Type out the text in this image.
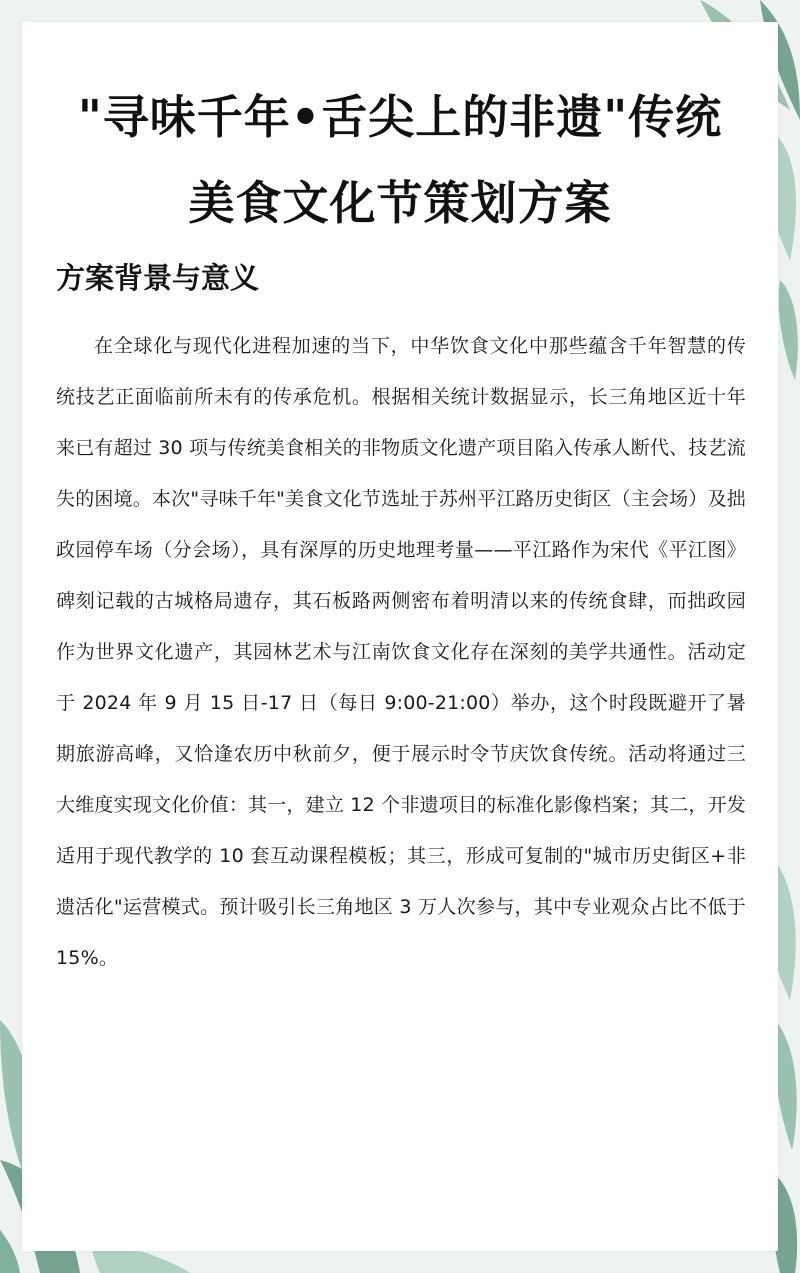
"寻味千年•舌尖上的非遗"传统
美食文化节策划方案
方案背景与意义

在全球化与现代化进程加速的当下，中华饮食文化中那些蕴含千年智慧的传统技艺正面临前所未有的传承危机。根据相关统计数据显示，长三角地区近十年来已有超过 30 项与传统美食相关的非物质文化遗产项目陷入传承人断代、技艺流失的困境。本次"寻味千年"美食文化节选址于苏州平江路历史街区（主会场）及拙政园停车场（分会场），具有深厚的历史地理考量——平江路作为宋代《平江图》碑刻记载的古城格局遗存，其石板路两侧密布着明清以来的传统食肆，而拙政园作为世界文化遗产，其园林艺术与江南饮食文化存在深刻的美学共通性。活动定于 2024 年 9 月 15 日-17 日（每日 9:00-21:00）举办，这个时段既避开了暑期旅游高峰，又恰逢农历中秋前夕，便于展示时令节庆饮食传统。活动将通过三大维度实现文化价值：其一，建立 12 个非遗项目的标准化影像档案；其二，开发适用于现代教学的 10 套互动课程模板；其三，形成可复制的"城市历史街区+非遗活化"运营模式。预计吸引长三角地区 3 万人次参与，其中专业观众占比不低于 15%。
